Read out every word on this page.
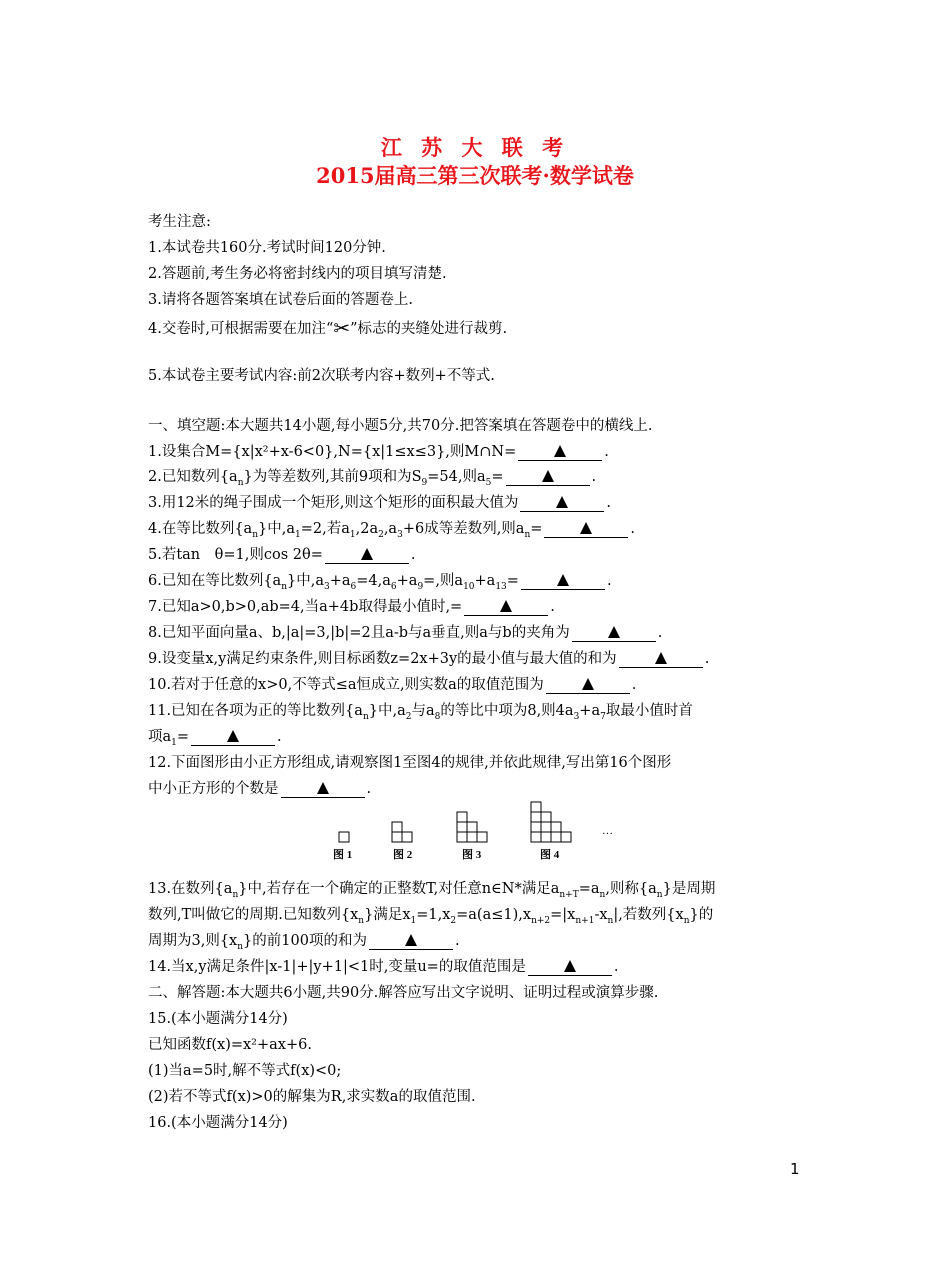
江 苏 大 联 考
2015届高三第三次联考·数学试卷
考生注意:
1.本试卷共160分.考试时间120分钟.
2.答题前,考生务必将密封线内的项目填写清楚.
3.请将各题答案填在试卷后面的答题卷上.
4.交卷时,可根据需要在加注“✂”标志的夹缝处进行裁剪.
5.本试卷主要考试内容:前2次联考内容+数列+不等式.
一、填空题:本大题共14小题,每小题5分,共70分.把答案填在答题卷中的横线上.
1.设集合M={x|x²+x-6<0},N={x|1≤x≤3},则M∩N=	.
2.已知数列$\{a_n\}$为等差数列,其前9项和为$S_9=54$,则$a_5=$	.
3.用12米的绳子围成一个矩形,则这个矩形的面积最大值为	.
4.在等比数列$\{a_n\}$中$,a_1=2$,若$a_1,2a_2,a_3+6$成等差数列,则$a_n=$	.
5.若tan　θ=1,则cos 2θ=	.
6.已知在等比数列$\{a_n\}$中$,a_3+a_6=4,a_6+a_9=$,则$a_{10}+a_{13}=$	.
7.已知a>0,b>0,ab=4,当a+4b取得最小值时,=	.
8.已知平面向量a、b,|a|=3,|b|=2且a-b与a垂直,则a与b的夹角为	.
9.设变量x,y满足约束条件,则目标函数z=2x+3y的最小值与最大值的和为	.
10.若对于任意的x>0,不等式≤a恒成立,则实数a的取值范围为	.
11.已知在各项为正的等比数列$\{a_n\}$中$,a_2$与$a_8$的等比中项为8,则$4a_3+a_7$取最小值时首
项$a_1=$	.
12.下面图形由小正方形组成,请观察图1至图4的规律,并依此规律,写出第16个图形
中小正方形的个数是	.
图 1	图 2	图 3	图 4
…
13.在数列$\{a_n\}$中,若存在一个确定的正整数T,对任意n∈N*满足$a_{n+T}=a_n$,则称$\{a_n\}$是周期
数列,T叫做它的周期.已知数列$\{x_n\}$满足$x_1=1,x_2=a(a\le 1),x_{n+2}=|x_{n+1}-x_n|$,若数列$\{x_n\}$的
周期为3,则$\{x_n\}$的前100项的和为	.
14.当x,y满足条件|x-1|+|y+1|<1时,变量u=的取值范围是	.
二、解答题:本大题共6小题,共90分.解答应写出文字说明、证明过程或演算步骤.
15.(本小题满分14分)
已知函数f(x)=x²+ax+6.
(1)当a=5时,解不等式f(x)<0;
(2)若不等式f(x)>0的解集为R,求实数a的取值范围.
16.(本小题满分14分)
1
